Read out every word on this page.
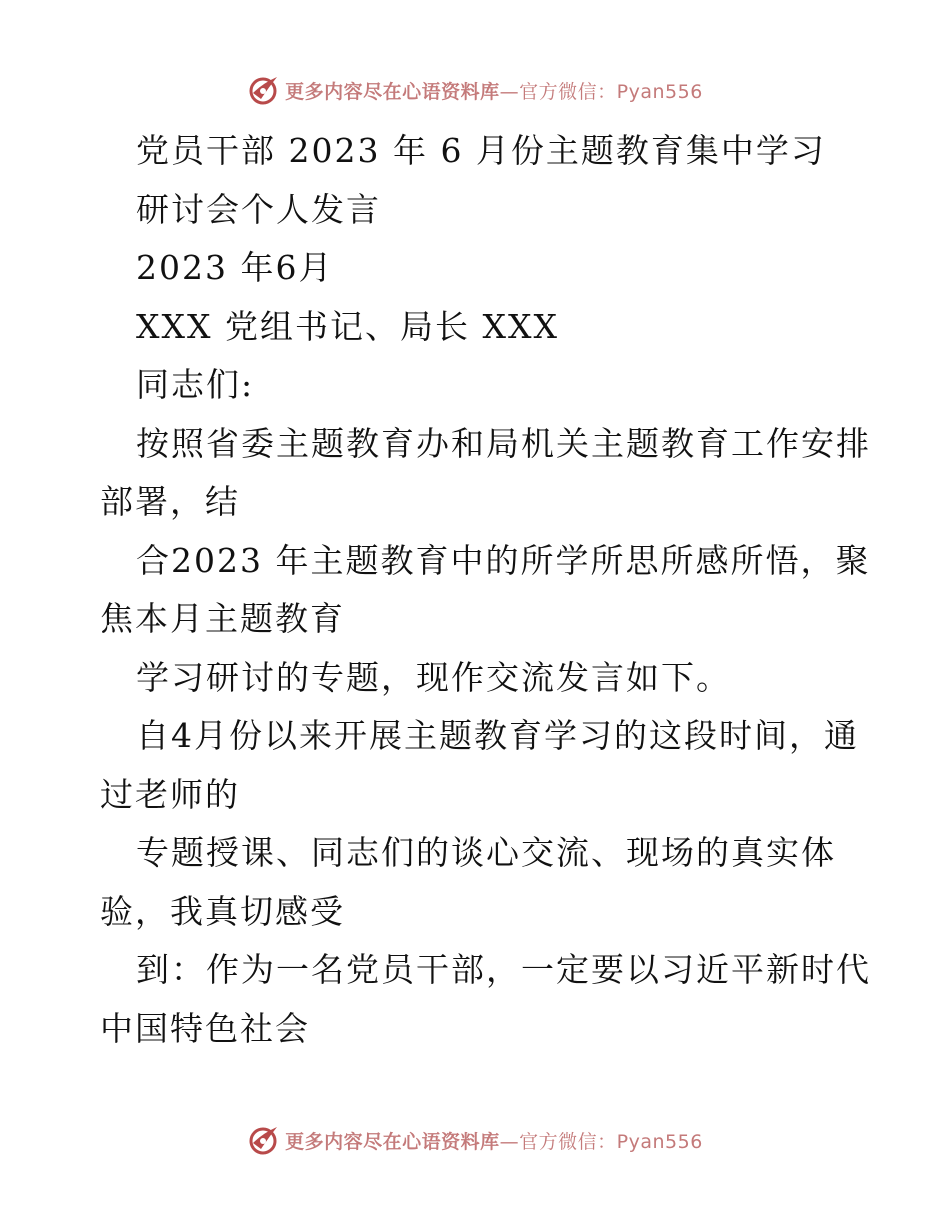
更多内容尽在心语资料库 —官方微信：Pyan556
党员干部 2023 年 6 月份主题教育集中学习
研讨会个人发言
2023 年6月
XXX 党组书记、局长 XXX
同志们:
按照省委主题教育办和局机关主题教育工作安排
部署，结
合2023 年主题教育中的所学所思所感所悟，聚
焦本月主题教育
学习研讨的专题，现作交流发言如下。
自4月份以来开展主题教育学习的这段时间，通
过老师的
专题授课、同志们的谈心交流、现场的真实体
验，我真切感受
到：作为一名党员干部，一定要以习近平新时代
中国特色社会
更多内容尽在心语资料库 —官方微信：Pyan556
